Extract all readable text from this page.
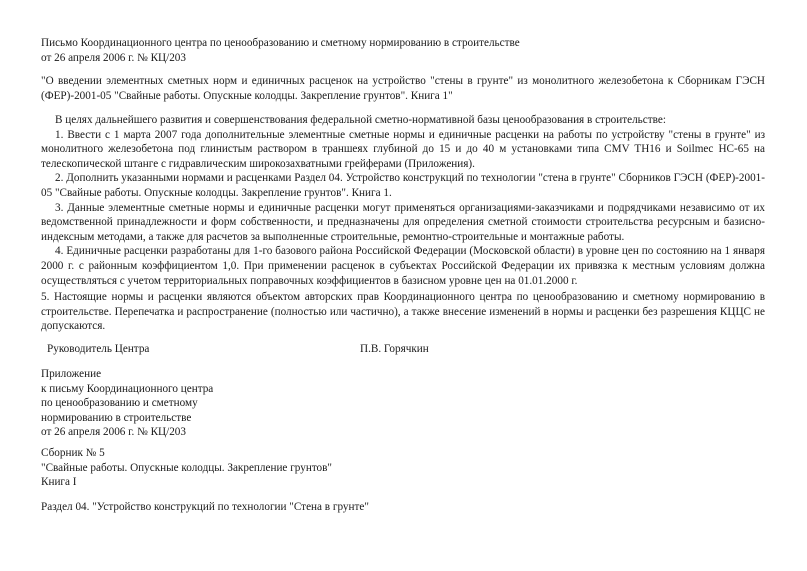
Письмо Координационного центра по ценообразованию и сметному нормированию в строительстве
от 26 апреля 2006 г. № КЦ/203

"О введении элементных сметных норм и единичных расценок на устройство "стены в грунте" из монолитного железобетона к Сборникам ГЭСН (ФЕР)-2001-05 "Свайные работы. Опускные колодцы. Закрепление грунтов". Книга 1"

В целях дальнейшего развития и совершенствования федеральной сметно-нормативной базы ценообразования в строительстве:

1. Ввести с 1 марта 2007 года дополнительные элементные сметные нормы и единичные расценки на работы по устройству "стены в грунте" из монолитного железобетона под глинистым раствором в траншеях глубиной до 15 и до 40 м установками типа CMV TH16 и Soilmec HC-65 на телескопической штанге с гидравлическим широкозахватными грейферами (Приложения).

2. Дополнить указанными нормами и расценками Раздел 04. Устройство конструкций по технологии "стена в грунте" Сборников ГЭСН (ФЕР)-2001-05 "Свайные работы. Опускные колодцы. Закрепление грунтов". Книга 1.

3. Данные элементные сметные нормы и единичные расценки могут применяться организациями-заказчиками и подрядчиками независимо от их ведомственной принадлежности и форм собственности, и предназначены для определения сметной стоимости строительства ресурсным и базисно-индексным методами, а также для расчетов за выполненные строительные, ремонтно-строительные и монтажные работы.

4. Единичные расценки разработаны для 1-го базового района Российской Федерации (Московской области) в уровне цен по состоянию на 1 января 2000 г. с районным коэффициентом 1,0. При применении расценок в субъектах Российской Федерации их привязка к местным условиям должна осуществляться с учетом территориальных поправочных коэффициентов в базисном уровне цен на 01.01.2000 г.

5. Настоящие нормы и расценки являются объектом авторских прав Координационного центра по ценообразованию и сметному нормированию в строительстве. Перепечатка и распространение (полностью или частично), а также внесение изменений в нормы и расценки без разрешения КЦЦС не допускаются.

Руководитель Центра	П.В. Горячкин
Приложение
к письму Координационного центра
по ценообразованию и сметному
нормированию в строительстве
от 26 апреля 2006 г. № КЦ/203
Сборник № 5
"Свайные работы. Опускные колодцы. Закрепление грунтов"
Книга I
Раздел 04. "Устройство конструкций по технологии "Стена в грунте"
